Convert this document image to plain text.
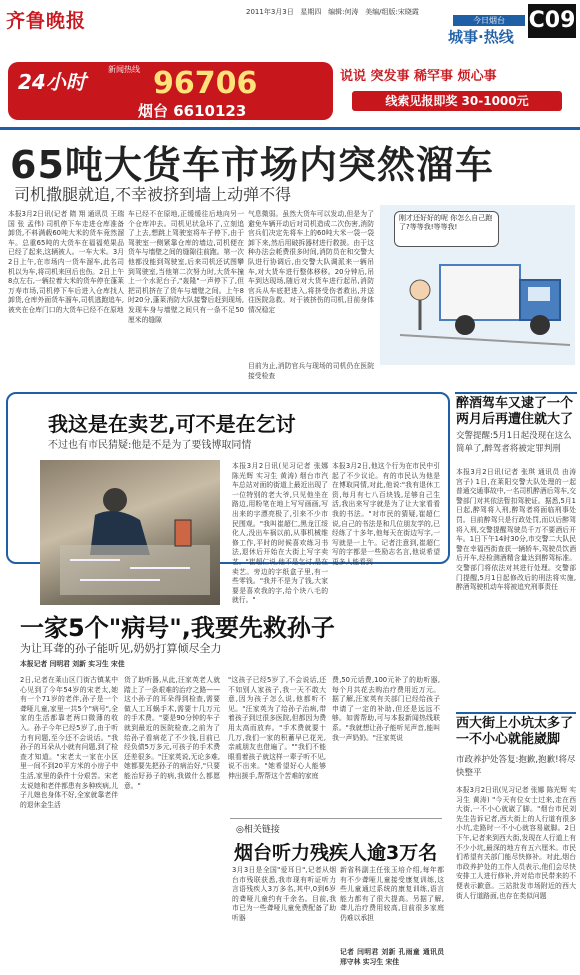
齐鲁晚报	2011年3月3日 星期四 编辑:何涛 美编/组版:宋晓霞
今日烟台
城事·热线
C09
24小时
新闻热线 96706
烟台 6610123
说说 突发事 稀罕事 烦心事
线索见报即奖 30-1000元
65吨大货车市场内突然溜车
司机撒腿就追,不幸被挤到墙上动弹不得
本报3月2日讯(记者 隋 翔 通讯员 王瑞国 张 孟伟) 司机停下车走进仓库准备卸货,不料满载60吨大米的货车竟然溜车。总重65吨的大货车在福福苑果品已经了起来,这辆被人。一车大米。3月2日上午,在市场内一货车溜车,此名司机以为车,将司机来回后也伤。2日上午8点左右,一辆拉着大米的货车停在蓬莱万寿市场,司机停下车后进入仓库找人卸货,仓库外面货车溜车,司机逃跑追车,被夹在仓库门口的大货车已经不在原地
车已经不在原地,正缓缓往后地向另一个仓库冲去。司机见状急坏了,立刻追了上去,想跳上驾驶室将车子停下,由于驾驶室一侧紧靠仓库的墙边,司机便在货车与墙壁之间的缝隙往前跑。第一次他都没能到驾驶室,后来司机还试图攀到驾驶室,当他第二次努力时,大货车撞上一个水泥台子,"轰隆"一声停下了,但把司机挤在了货车与墙壁之间。上午8时20分,蓬莱消防大队接警后赶到现场,发现车身与墙壁之间只有一条不足50厘米的缝隙
气息微弱。虽然大货车可以发动,但是为了避免车辆开动后对司机造成二次伤害,消防官兵们决定先将车上的60吨大米一袋一袋卸下来,然后用破拆器材进行救援。由于这种办法会耗费很多时间,消防员在和交警大队进行协调后,由交警大队调派来一辆吊车,对大货车进行整体移移。20分钟后,吊车到达现场,随后对大货车进行起吊,消防官兵从车底把进入,将挤受伤者救出,并送往医院急救。对于被挤伤的司机,目前身体情况稳定
目前为止,消防官兵与现场的司机仍在医院接受检查
刚才还好好的呢 你怎么自己跑了?等等我!等等我!
醉酒驾车又逮了一个两月后再遭住就大了
交警提醒:5月1日起没现在这么简单了,醉驾者将被定罪判刑
本报3月2日讯(记者 张琪 通讯员 由涛 宫子) 1日,在莱阳交警大队处理的一起普通交通事故中,一名司机醉酒后驾车,交警部门对其依法暂扣驾驶证。据悉,5月1日起,醉驾将入刑,醉驾者将面临刑事处罚。目前醉驾只是行政处罚,而以后醉驾将入刑,交警提醒驾驶员千万不要酒后开车。1日下午14时30分,市交警二大队民警在幸福西街查获一辆轿车,驾驶员饮酒后开车,经检测酒精含量达到醉驾标准。交警部门将依法对其进行处理。交警部门提醒,5月1日起修改后的刑法将实施,醉酒驾驶机动车将被追究刑事责任
我这是在卖艺,可不是在乞讨
不过也有市民猜疑:他是不是为了要钱博取同情
本报3月2日讯(见习记者 张娜 陈光辉 实习生 黄涛) 烟台市汽车总站对面的街道上最近出现了一位特别的老大爷,只见他坐在路边,用粉笔在地上写写画画,写出来的字漂亮极了,引来不少市民围观。"我叫崔超仁,黑龙江绥化人,没出车祸以前,从事机械维修工作,平时的时候喜欢练习书法,退休后开始在大街上写字卖艺。"崔超仁说,他不是乞讨,是在卖艺。旁边的字纸盒子里,有一些零钱。"我并不是为了钱,大家要是喜欢我的字,给个块八毛的就行。"
本报3月2日,他这个行为在市民中引起了不少议论。有的市民认为他是在博取同情,对此,他说:"我有退休工资,每月有七八百块钱,足够自己生活,我出来写字就是为了让大家看看我的书法。"对市民的猜疑,崔超仁说,自己的书法是和几位朋友学的,已经练了十多年,他每天在街边写字,一写就是一上午。记者注意到,崔超仁写的字都是一些励志名言,他说希望更多人能看到
一家5个"病号",我要先救孙子
为让耳聋的孙子能听见,奶奶打算倾尽全力
本报记者 闫明君 刘新 实习生 宋佳
2日,记者在莱山区门街古镇某中心见到了今年54岁的宋老太,她有一个71岁的老伴,孙子是一个聋哑儿童,家里一共5个"病号",全家的生活都靠老两口微薄的收入。孙子今年已经5岁了,由于听力有问题,至今还不会说话。"我孙子的耳朵从小就有问题,到了检查才知道。"宋老太一家在小区里一间不到20平方米的小房子中生活,家里的条件十分艰苦。宋老太说她和老伴都患有多种疾病,儿子儿媳也身体不好,全家就靠老伴的退休金生活
货了助听器,从此,汪家英老人就踏上了一条艰难的治疗之路——这小孙子的耳朵得到检查,需要做人工耳蜗手术,需要十几万元的手术费。"要是90分钟的车子就到最近的医院检查,之前为了给孙子看病花了不少钱,目前已经负债5万多元,可孩子的手术费还差很多。"汪家英说,无论多难,她都要先把孙子的病治好,"只要能治好孙子的病,我做什么都愿意。"
"这孩子已经5岁了,不会说话,还不如别人家孩子,我一天不敢大意,因为孩子怎么说,他都听不见。"汪家英为了给孙子治病,带着孩子到过很多医院,但都因为费用太高而放弃。"手术费就要十几万,我们一家的积蓄早已花光,亲戚朋友也借遍了。""我们不能眼看着孩子就这样一辈子听不见,说不出来。"她希望好心人能够伸出援手,帮帮这个苦难的家庭
费,50元话费,100元补了的助听器,每个月共花去购治疗费用近万元。据了解,汪家英有关部门已经给孩子申请了一定的补助,但还是远远不够。如需帮助,可与本报新闻热线联系。"我就想让孙子能听见声音,能叫我一声奶奶。"汪家英说
西大街上小坑太多了 一不小心就能崴脚
市政养护处答复:抱歉,抱歉!将尽快整平
本报3月2日讯(见习记者 张娜 陈光辉 实习生 黄涛) "今天有位女士过来,走在西大街,一不小心就崴了脚。"烟台市民刘先生告诉记者,西大街上的人行道有很多小坑,走路时一不小心就容易崴脚。2日下午,记者来到西大街,发现在人行道上有不少小坑,最深的地方有五六厘米。市民们希望有关部门能尽快修补。对此,烟台市政养护处的工作人员表示,他们会尽快安排工人进行修补,并对给市民带来的不便表示歉意。三站批发市场附近的西大街人行道路面,也存在类似问题
◎相关链接
烟台听力残疾人逾3万名
3月3日是全国"爱耳日",记者从烟台市残联获悉,我市现有听证听力言语残疾人3万多名,其中,0到6岁的聋哑儿童约有千余名。目前,我市已为一些聋哑儿童免费配备了助听器
新省科副主任张玉培介绍,每年都有不少聋哑儿童接受康复训练,这些儿童通过系统的康复训练,语言能力都有了很大提高。另据了解,聋儿治疗费用较高,目前很多家庭仍难以承担
记者 闫明君 刘新 孔雨童 通讯员 邢守林 实习生 宋佳
